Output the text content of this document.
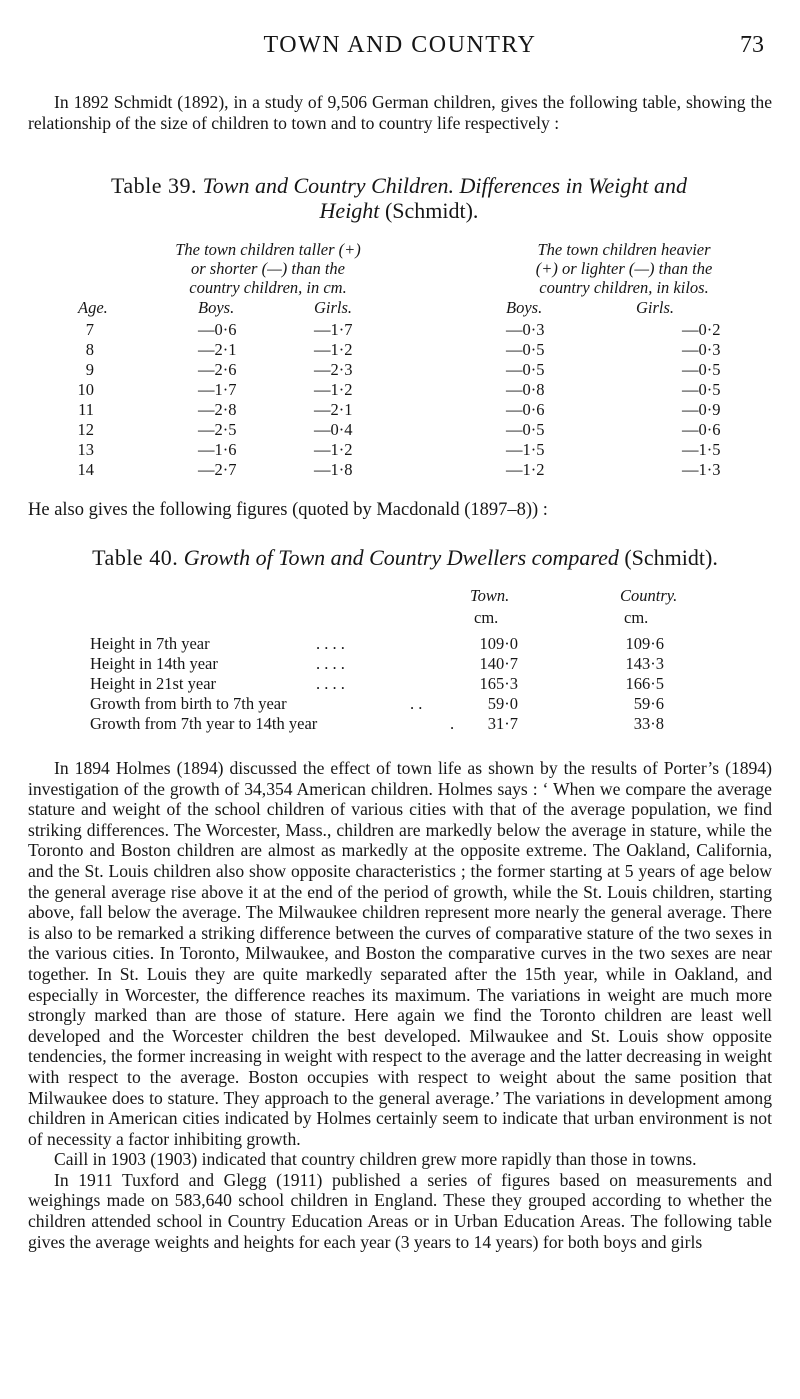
TOWN AND COUNTRY	73

In 1892 Schmidt (1892), in a study of 9,506 German children, gives the following table, showing the relationship of the size of children to town and to country life respectively :

Table 39. Town and Country Children. Differences in Weight and
Height (Schmidt).
The town children taller (+)
or shorter (—) than the
country children, in cm.
The town children heavier
(+) or lighter (—) than the
country children, in kilos.
Age.	Boys.	Girls.	Boys.	Girls.
7	—0·6	—1·7	—0·3	—0·2
8	—2·1	—1·2	—0·5	—0·3
9	—2·6	—2·3	—0·5	—0·5
10	—1·7	—1·2	—0·8	—0·5
11	—2·8	—2·1	—0·6	—0·9
12	—2·5	—0·4	—0·5	—0·6
13	—1·6	—1·2	—1·5	—1·5
14	—2·7	—1·8	—1·2	—1·3

He also gives the following figures (quoted by Macdonald (1897–8)) :

Table 40. Growth of Town and Country Dwellers compared (Schmidt).
Town.	Country.
cm.	cm.
Height in 7th year	. . . .	109·0	109·6
Height in 14th year	. . . .	140·7	143·3
Height in 21st year	. . . .	165·3	166·5
Growth from birth to 7th year	. .	59·0	59·6
Growth from 7th year to 14th year	.	31·7	33·8

In 1894 Holmes (1894) discussed the effect of town life as shown by the results of Porter’s (1894) investigation of the growth of 34,354 American children. Holmes says : ‘ When we compare the average stature and weight of the school children of various cities with that of the average population, we find striking differences. The Worcester, Mass., children are markedly below the average in stature, while the Toronto and Boston children are almost as markedly at the opposite extreme. The Oakland, California, and the St. Louis children also show opposite characteristics ; the former starting at 5 years of age below the general average rise above it at the end of the period of growth, while the St. Louis children, starting above, fall below the average. The Milwaukee children represent more nearly the general average. There is also to be remarked a striking difference between the curves of comparative stature of the two sexes in the various cities. In Toronto, Milwaukee, and Boston the comparative curves in the two sexes are near together. In St. Louis they are quite markedly separated after the 15th year, while in Oakland, and especially in Worcester, the difference reaches its maximum. The variations in weight are much more strongly marked than are those of stature. Here again we find the Toronto children are least well developed and the Worcester children the best developed. Milwaukee and St. Louis show opposite tendencies, the former increasing in weight with respect to the average and the latter decreasing in weight with respect to the average. Boston occupies with respect to weight about the same position that Milwaukee does to stature. They approach to the general average.’ The variations in development among children in American cities indicated by Holmes certainly seem to indicate that urban environment is not of necessity a factor inhibiting growth.

Caill in 1903 (1903) indicated that country children grew more rapidly than those in towns.

In 1911 Tuxford and Glegg (1911) published a series of figures based on measurements and weighings made on 583,640 school children in England. These they grouped according to whether the children attended school in Country Education Areas or in Urban Education Areas. The following table gives the average weights and heights for each year (3 years to 14 years) for both boys and girls
